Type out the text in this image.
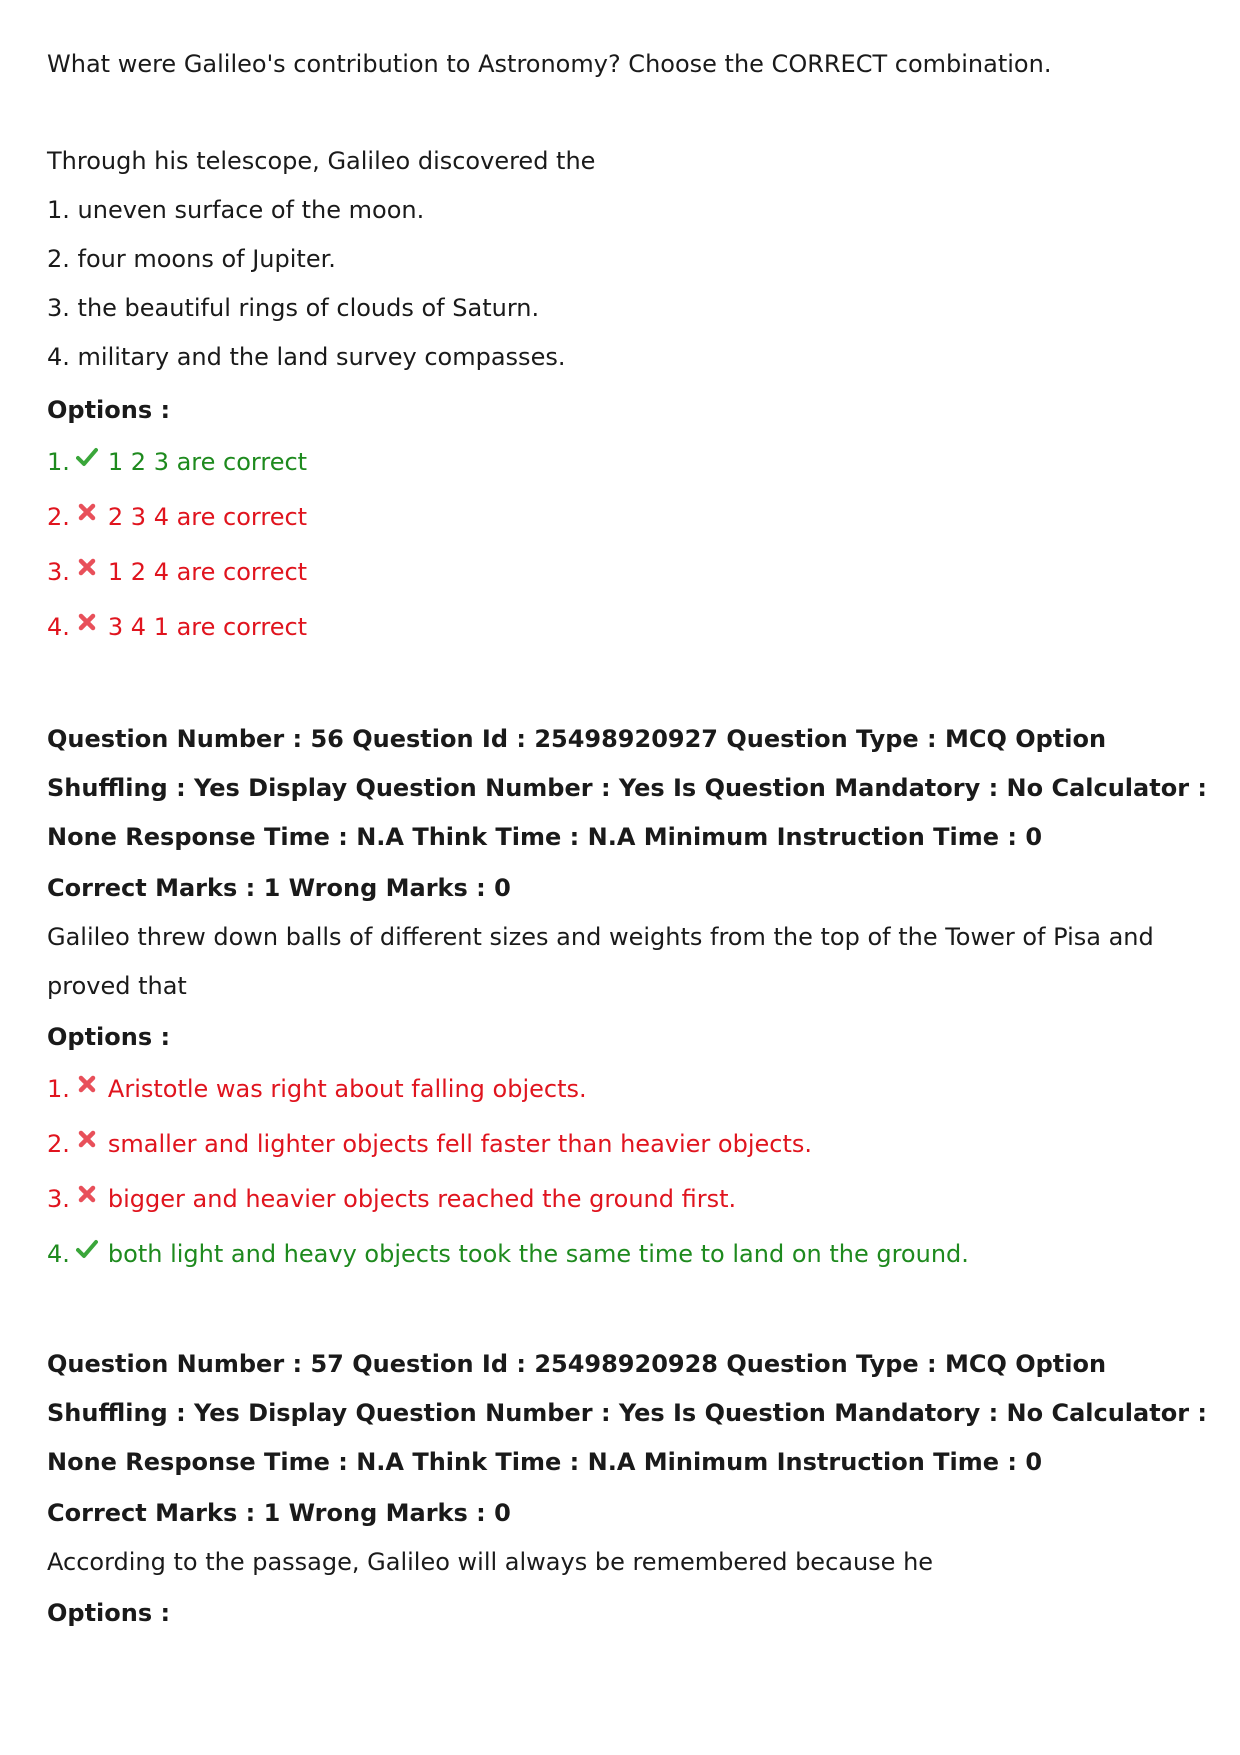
What were Galileo's contribution to Astronomy? Choose the CORRECT combination.

Through his telescope, Galileo discovered the

1. uneven surface of the moon.

2. four moons of Jupiter.

3. the beautiful rings of clouds of Saturn.

4. military and the land survey compasses.

Options :

1. 1 2 3 are correct
2. 2 3 4 are correct
3. 1 2 4 are correct
4. 3 4 1 are correct

Question Number : 56 Question Id : 25498920927 Question Type : MCQ Option Shuffling : Yes Display Question Number : Yes Is Question Mandatory : No Calculator : None Response Time : N.A Think Time : N.A Minimum Instruction Time : 0

Correct Marks : 1 Wrong Marks : 0

Galileo threw down balls of different sizes and weights from the top of the Tower of Pisa and

proved that

Options :

1. Aristotle was right about falling objects.
2. smaller and lighter objects fell faster than heavier objects.
3. bigger and heavier objects reached the ground first.
4. both light and heavy objects took the same time to land on the ground.

Question Number : 57 Question Id : 25498920928 Question Type : MCQ Option Shuffling : Yes Display Question Number : Yes Is Question Mandatory : No Calculator : None Response Time : N.A Think Time : N.A Minimum Instruction Time : 0

Correct Marks : 1 Wrong Marks : 0

According to the passage, Galileo will always be remembered because he

Options :
